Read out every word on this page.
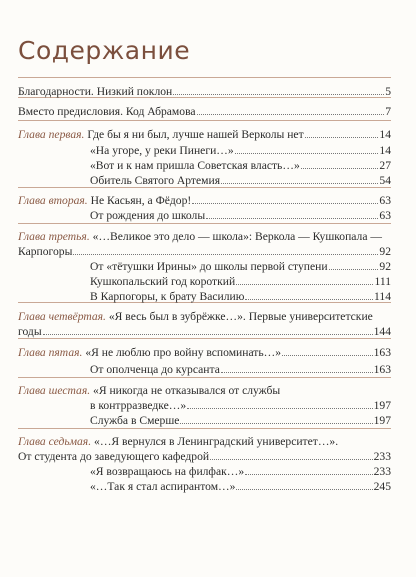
Содержание
Благодарности. Низкий поклон	5
Вместо предисловия. Код Абрамова	7
Глава первая. Где бы я ни был, лучше нашей Верколы нет	14
«На угоре, у реки Пинеги…»	14
«Вот и к нам пришла Советская власть…»	27
Обитель Святого Артемия	54
Глава вторая. Не Касьян, а Фёдор!	63
От рождения до школы	63
Глава третья. «…Великое это дело — школа»: Веркола — Кушкопала —
Карпогоры	92
От «тётушки Ирины» до школы первой ступени	92
Кушкопальский год короткий	111
В Карпогоры, к брату Василию	114
Глава четвёртая. «Я весь был в зубрёжке…». Первые университетские
годы	144
Глава пятая. «Я не люблю про войну вспоминать…»	163
От ополченца до курсанта	163
Глава шестая. «Я никогда не отказывался от службы
в контрразведке…»	197
Служба в Смерше	197
Глава седьмая. «…Я вернулся в Ленинградский университет…».
От студента до заведующего кафедрой	233
«Я возвращаюсь на филфак…»	233
«…Так я стал аспирантом…»	245
